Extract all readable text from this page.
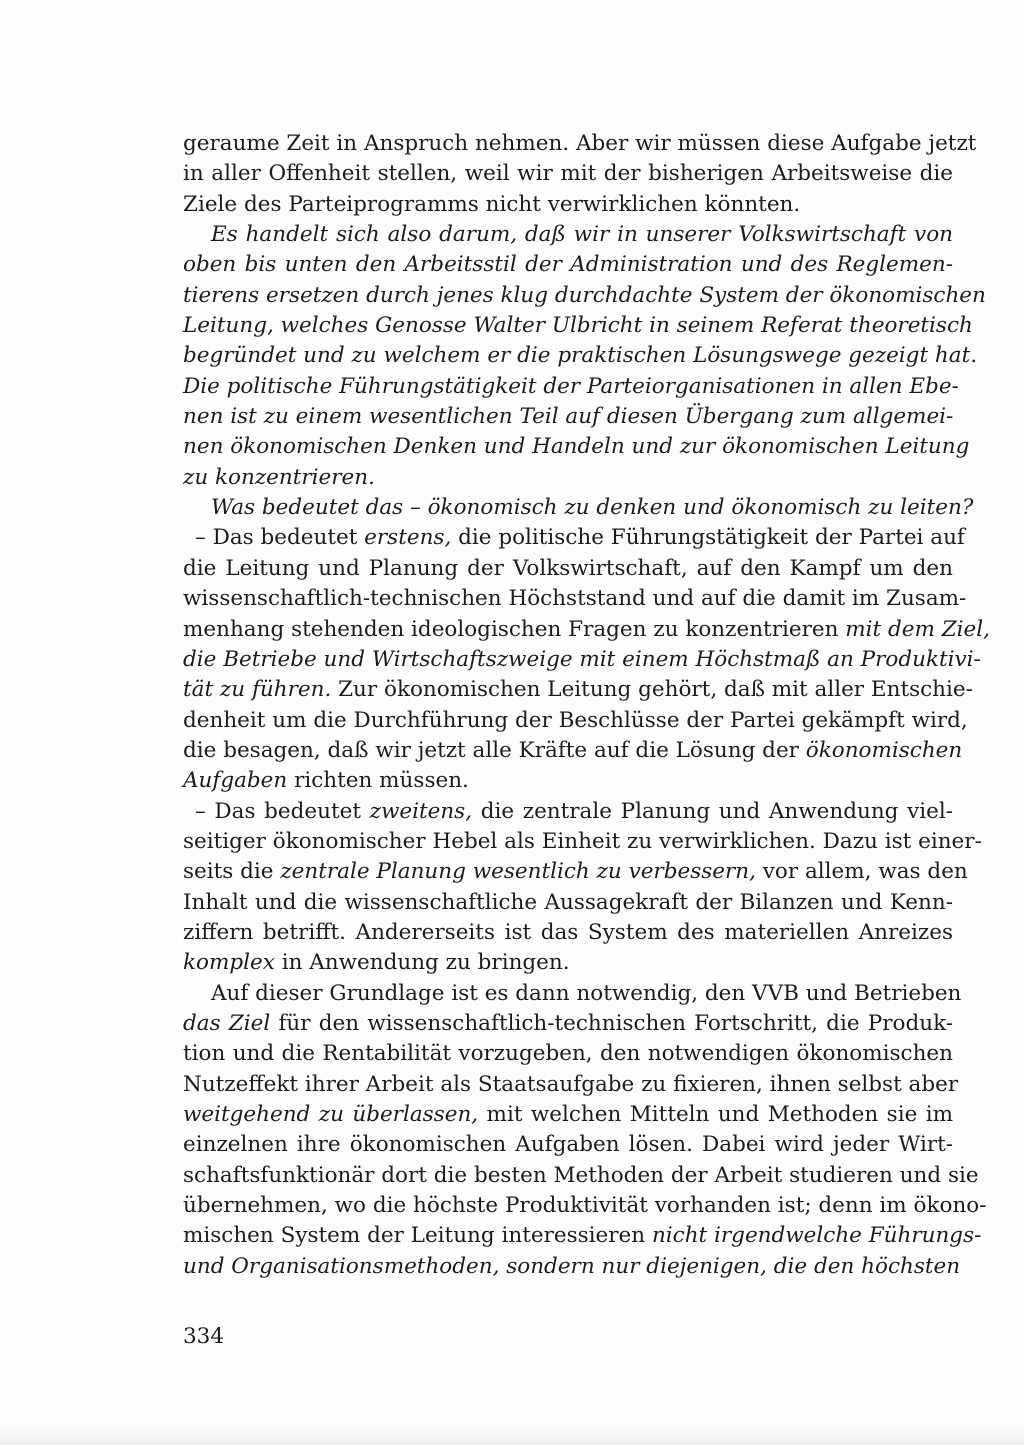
geraume Zeit in Anspruch nehmen. Aber wir müssen diese Aufgabe jetzt
in aller Offenheit stellen, weil wir mit der bisherigen Arbeitsweise die
Ziele des Parteiprogramms nicht verwirklichen könnten.
Es handelt sich also darum, daß wir in unserer Volkswirtschaft von
oben bis unten den Arbeitsstil der Administration und des Reglemen-
tierens ersetzen durch jenes klug durchdachte System der ökonomischen
Leitung, welches Genosse Walter Ulbricht in seinem Referat theoretisch
begründet und zu welchem er die praktischen Lösungswege gezeigt hat.
Die politische Führungstätigkeit der Parteiorganisationen in allen Ebe-
nen ist zu einem wesentlichen Teil auf diesen Übergang zum allgemei-
nen ökonomischen Denken und Handeln und zur ökonomischen Leitung
zu konzentrieren.
Was bedeutet das – ökonomisch zu denken und ökonomisch zu leiten?
– Das bedeutet erstens, die politische Führungstätigkeit der Partei auf
die Leitung und Planung der Volkswirtschaft, auf den Kampf um den
wissenschaftlich-technischen Höchststand und auf die damit im Zusam-
menhang stehenden ideologischen Fragen zu konzentrieren mit dem Ziel,
die Betriebe und Wirtschaftszweige mit einem Höchstmaß an Produktivi-
tät zu führen. Zur ökonomischen Leitung gehört, daß mit aller Entschie-
denheit um die Durchführung der Beschlüsse der Partei gekämpft wird,
die besagen, daß wir jetzt alle Kräfte auf die Lösung der ökonomischen
Aufgaben richten müssen.
– Das bedeutet zweitens, die zentrale Planung und Anwendung viel-
seitiger ökonomischer Hebel als Einheit zu verwirklichen. Dazu ist einer-
seits die zentrale Planung wesentlich zu verbessern, vor allem, was den
Inhalt und die wissenschaftliche Aussagekraft der Bilanzen und Kenn-
ziffern betrifft. Andererseits ist das System des materiellen Anreizes
komplex in Anwendung zu bringen.
Auf dieser Grundlage ist es dann notwendig, den VVB und Betrieben
das Ziel für den wissenschaftlich-technischen Fortschritt, die Produk-
tion und die Rentabilität vorzugeben, den notwendigen ökonomischen
Nutzeffekt ihrer Arbeit als Staatsaufgabe zu fixieren, ihnen selbst aber
weitgehend zu überlassen, mit welchen Mitteln und Methoden sie im
einzelnen ihre ökonomischen Aufgaben lösen. Dabei wird jeder Wirt-
schaftsfunktionär dort die besten Methoden der Arbeit studieren und sie
übernehmen, wo die höchste Produktivität vorhanden ist; denn im ökono-
mischen System der Leitung interessieren nicht irgendwelche Führungs-
und Organisationsmethoden, sondern nur diejenigen, die den höchsten
334
